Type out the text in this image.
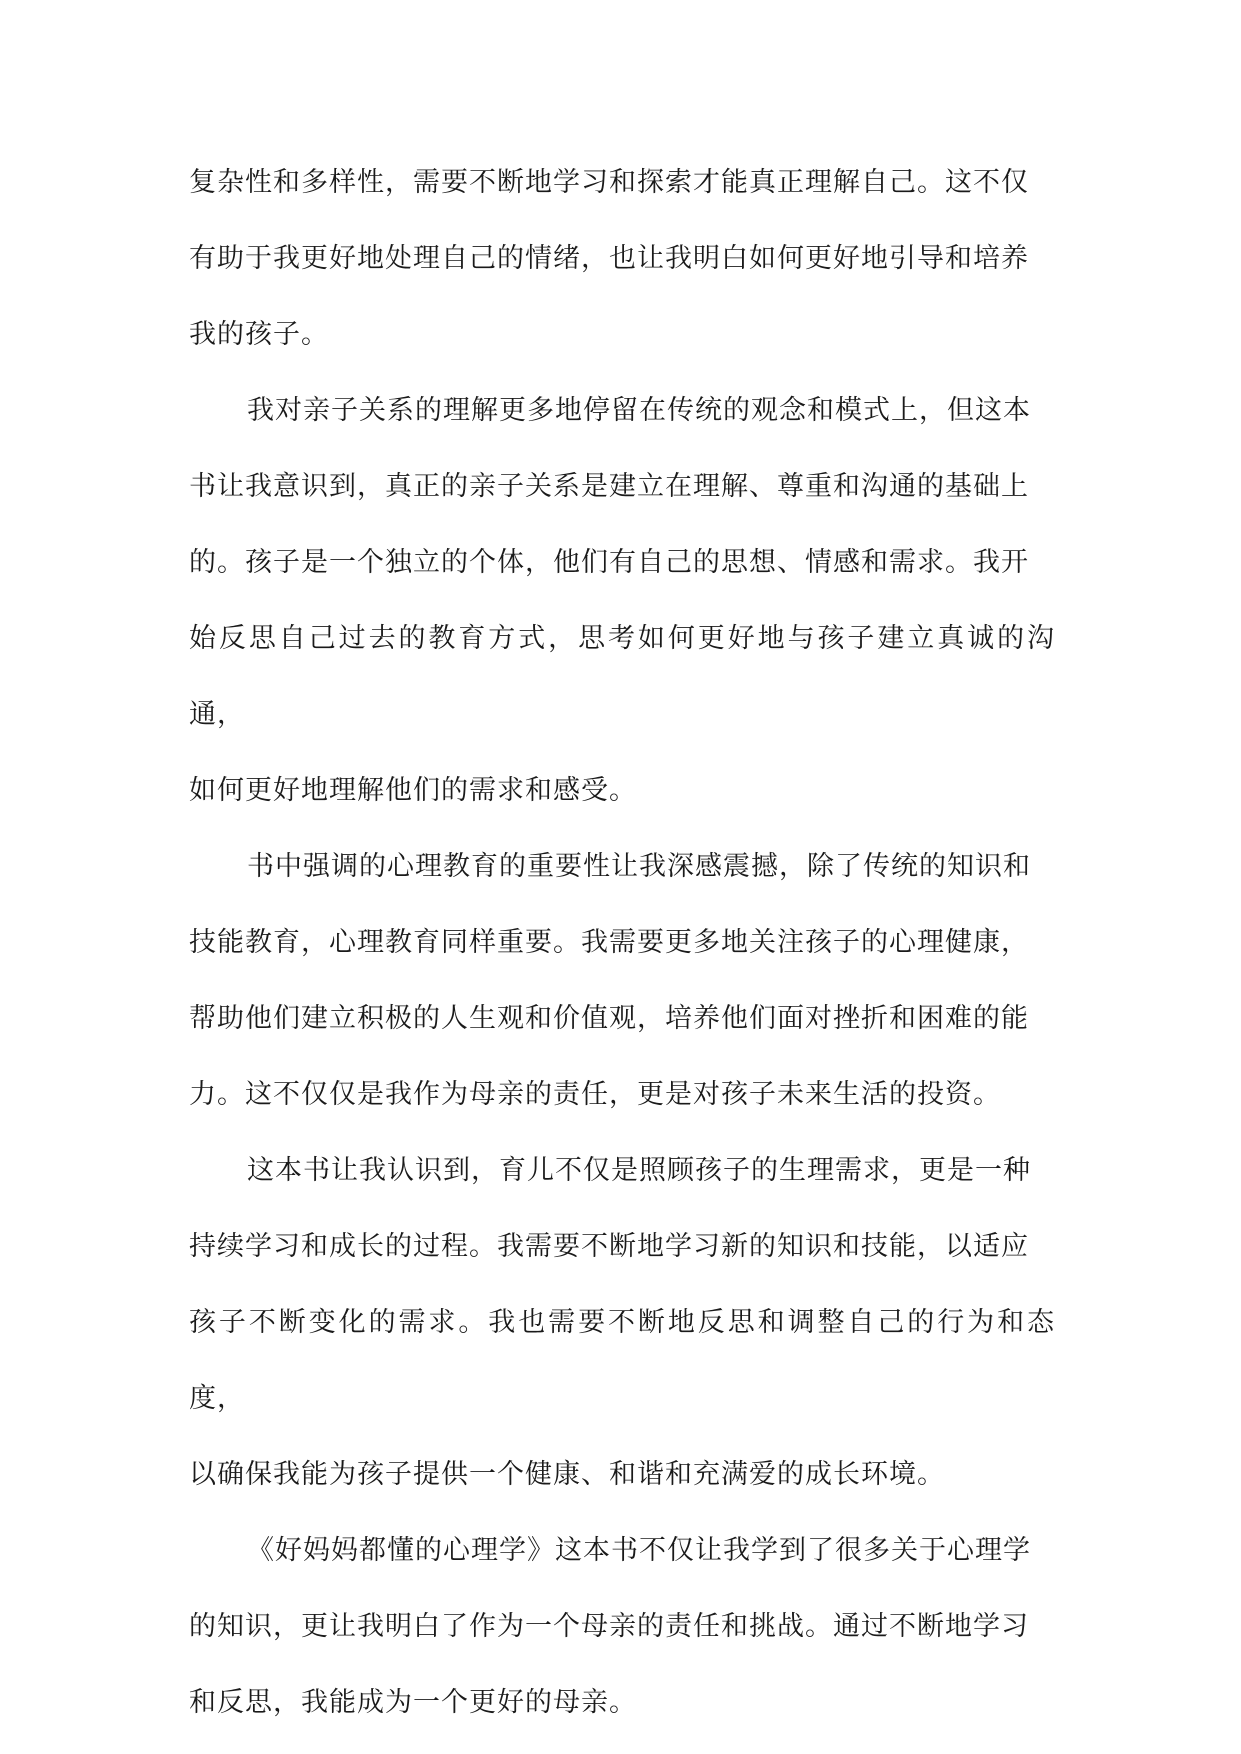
复杂性和多样性，需要不断地学习和探索才能真正理解自己。这不仅
有助于我更好地处理自己的情绪，也让我明白如何更好地引导和培养
我的孩子。

我对亲子关系的理解更多地停留在传统的观念和模式上，但这本
书让我意识到，真正的亲子关系是建立在理解、尊重和沟通的基础上
的。孩子是一个独立的个体，他们有自己的思想、情感和需求。我开
始反思自己过去的教育方式，思考如何更好地与孩子建立真诚的沟通，
如何更好地理解他们的需求和感受。

书中强调的心理教育的重要性让我深感震撼，除了传统的知识和
技能教育，心理教育同样重要。我需要更多地关注孩子的心理健康，
帮助他们建立积极的人生观和价值观，培养他们面对挫折和困难的能
力。这不仅仅是我作为母亲的责任，更是对孩子未来生活的投资。

这本书让我认识到，育儿不仅是照顾孩子的生理需求，更是一种
持续学习和成长的过程。我需要不断地学习新的知识和技能，以适应
孩子不断变化的需求。我也需要不断地反思和调整自己的行为和态度，
以确保我能为孩子提供一个健康、和谐和充满爱的成长环境。

《好妈妈都懂的心理学》这本书不仅让我学到了很多关于心理学
的知识，更让我明白了作为一个母亲的责任和挑战。通过不断地学习
和反思，我能成为一个更好的母亲。
